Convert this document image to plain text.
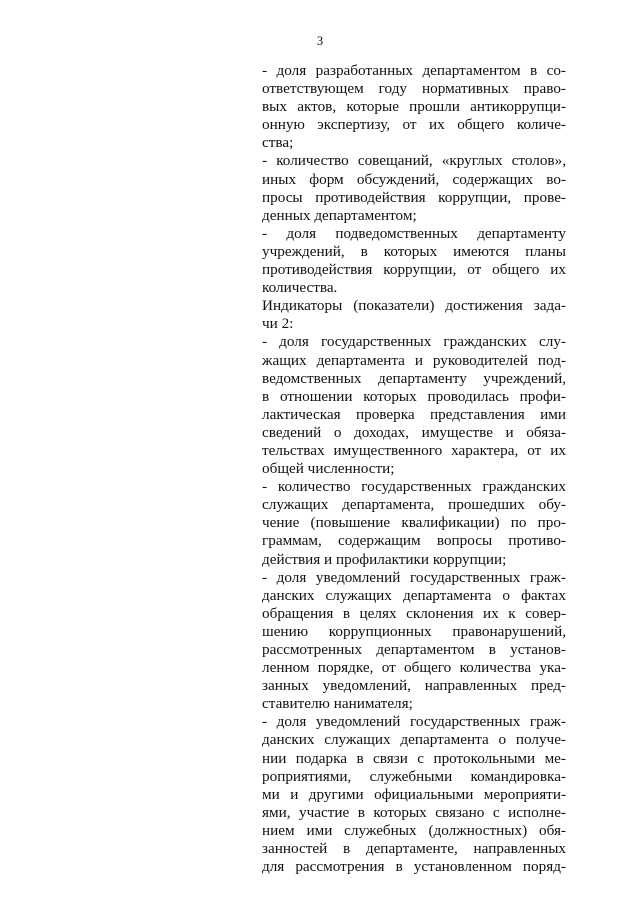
3
- доля разработанных департаментом в со-
ответствующем году нормативных право-
вых актов, которые прошли антикоррупци-
онную экспертизу, от их общего количе-
ства;
- количество совещаний, «круглых столов»,
иных форм обсуждений, содержащих во-
просы противодействия коррупции, прове-
денных департаментом;
- доля подведомственных департаменту
учреждений, в которых имеются планы
противодействия коррупции, от общего их
количества.
Индикаторы (показатели) достижения зада-
чи 2:
- доля государственных гражданских слу-
жащих департамента и руководителей под-
ведомственных департаменту учреждений,
в отношении которых проводилась профи-
лактическая проверка представления ими
сведений о доходах, имуществе и обяза-
тельствах имущественного характера, от их
общей численности;
- количество государственных гражданских
служащих департамента, прошедших обу-
чение (повышение квалификации) по про-
граммам, содержащим вопросы противо-
действия и профилактики коррупции;
- доля уведомлений государственных граж-
данских служащих департамента о фактах
обращения в целях склонения их к совер-
шению коррупционных правонарушений,
рассмотренных департаментом в установ-
ленном порядке, от общего количества ука-
занных уведомлений, направленных пред-
ставителю нанимателя;
- доля уведомлений государственных граж-
данских служащих департамента о получе-
нии подарка в связи с протокольными ме-
роприятиями, служебными командировка-
ми и другими официальными мероприяти-
ями, участие в которых связано с исполне-
нием ими служебных (должностных) обя-
занностей в департаменте, направленных
для рассмотрения в установленном поряд-
